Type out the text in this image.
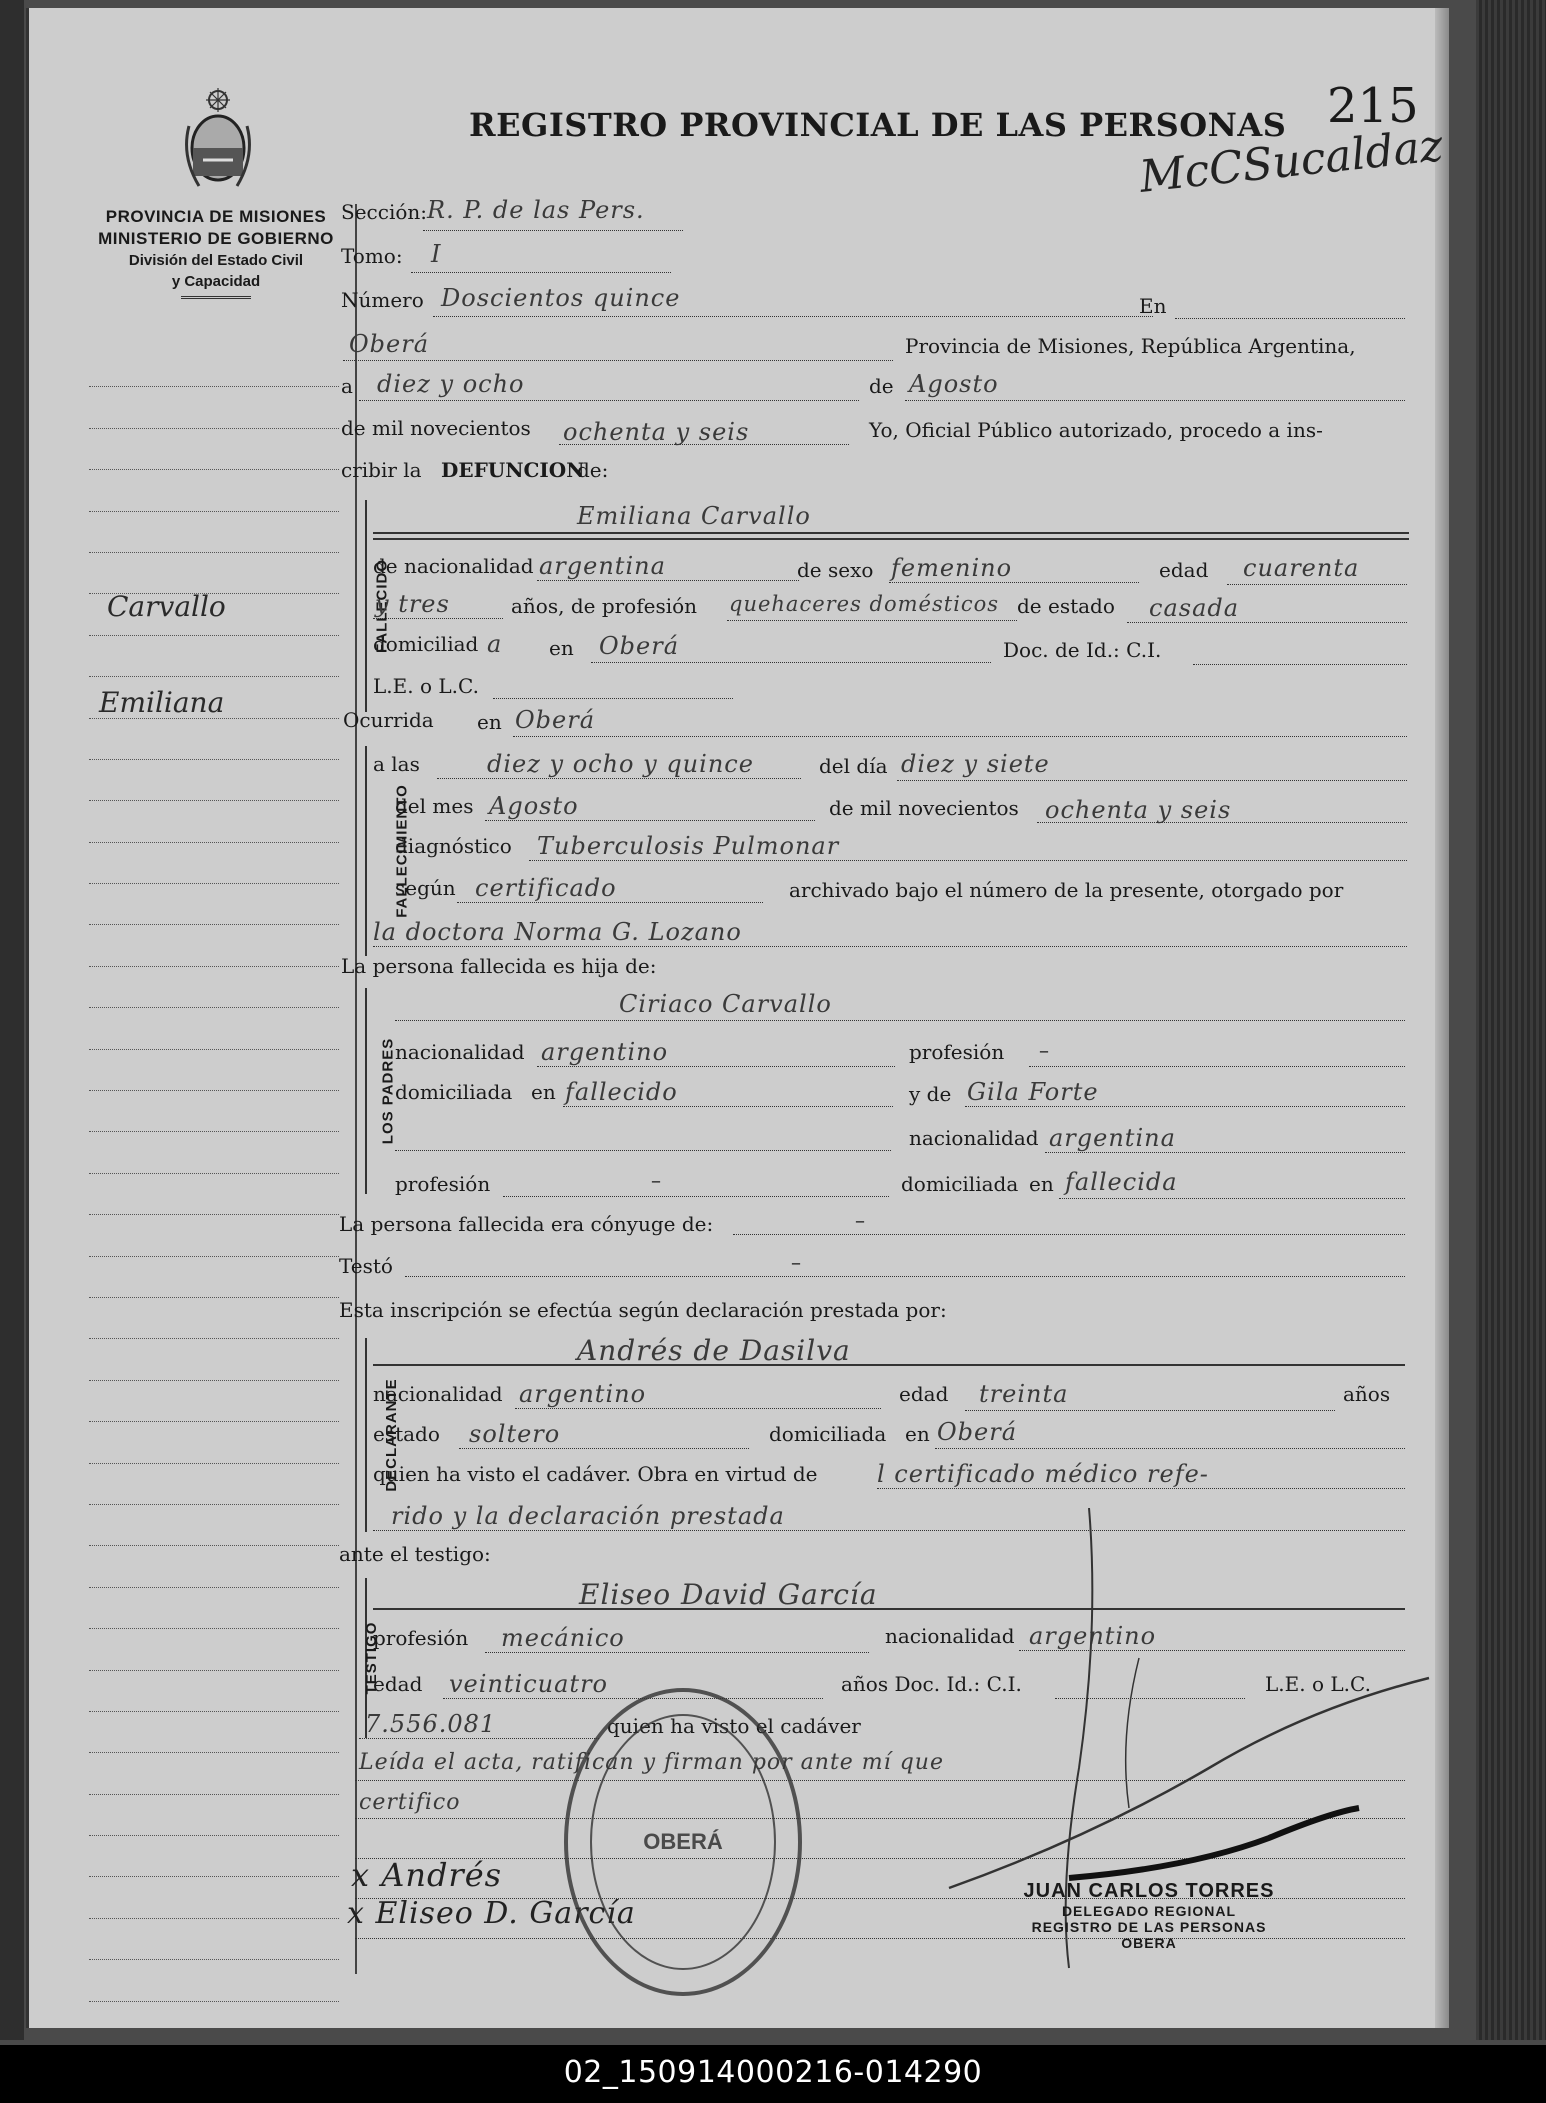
PROVINCIA DE MISIONES
MINISTERIO DE GOBIERNO
División del Estado Civil
y Capacidad
REGISTRO PROVINCIAL DE LAS PERSONAS 215
McCSucaldaz
Carvallo
Emiliana
Sección: R. P. de las Pers.
Tomo: I
Número Doscientos quince	En
Oberá	Provincia de Misiones, República Argentina,
a diez y ocho	de Agosto
de mil novecientos ochenta y seis	Yo, Oficial Público autorizado, procedo a ins-
cribir la DEFUNCION
de:
FALLECIDO
Emiliana Carvallo
de nacionalidad argentina	de sexo femenino	edad cuarenta
y tres	años, de profesión quehaceres domésticos de estado casada
domiciliad a en Oberá	Doc. de Id.: C.I.
L.E. o L.C.
Ocurrida en Oberá
FALLECIMIENTO
a las	diez y ocho y quince	del día diez y siete
del mes Agosto	de mil novecientos ochenta y seis
diagnóstico Tuberculosis Pulmonar
según certificado	archivado bajo el número de la presente, otorgado por
la doctora Norma G. Lozano
La persona fallecida es hija de:
LOS PADRES
Ciriaco Carvallo
nacionalidad argentino	profesión –
domiciliada en fallecido	y de Gila Forte
nacionalidad argentina
profesión	–	domiciliada en fallecida
La persona fallecida era cónyuge de:	–
Testó	–
Esta inscripción se efectúa según declaración prestada por:
DECLARANTE
Andrés de Dasilva
nacionalidad argentino	edad treinta	años
estado soltero	domiciliada en Oberá
quien ha visto el cadáver. Obra en virtud de l certificado médico refe-
rido y la declaración prestada
ante el testigo:
TESTIGO
Eliseo David García
profesión mecánico	nacionalidad argentino
edad veinticuatro	años Doc. Id.: C.I.	L.E. o L.C.
7.556.081	quien ha visto el cadáver
Leída el acta, ratifican y firman por ante mí que
certifico
x Andrés
x Eliseo D. García
OBERÁ
JUAN CARLOS TORRES
DELEGADO REGIONAL
REGISTRO DE LAS PERSONAS
OBERA
02_150914000216-014290
